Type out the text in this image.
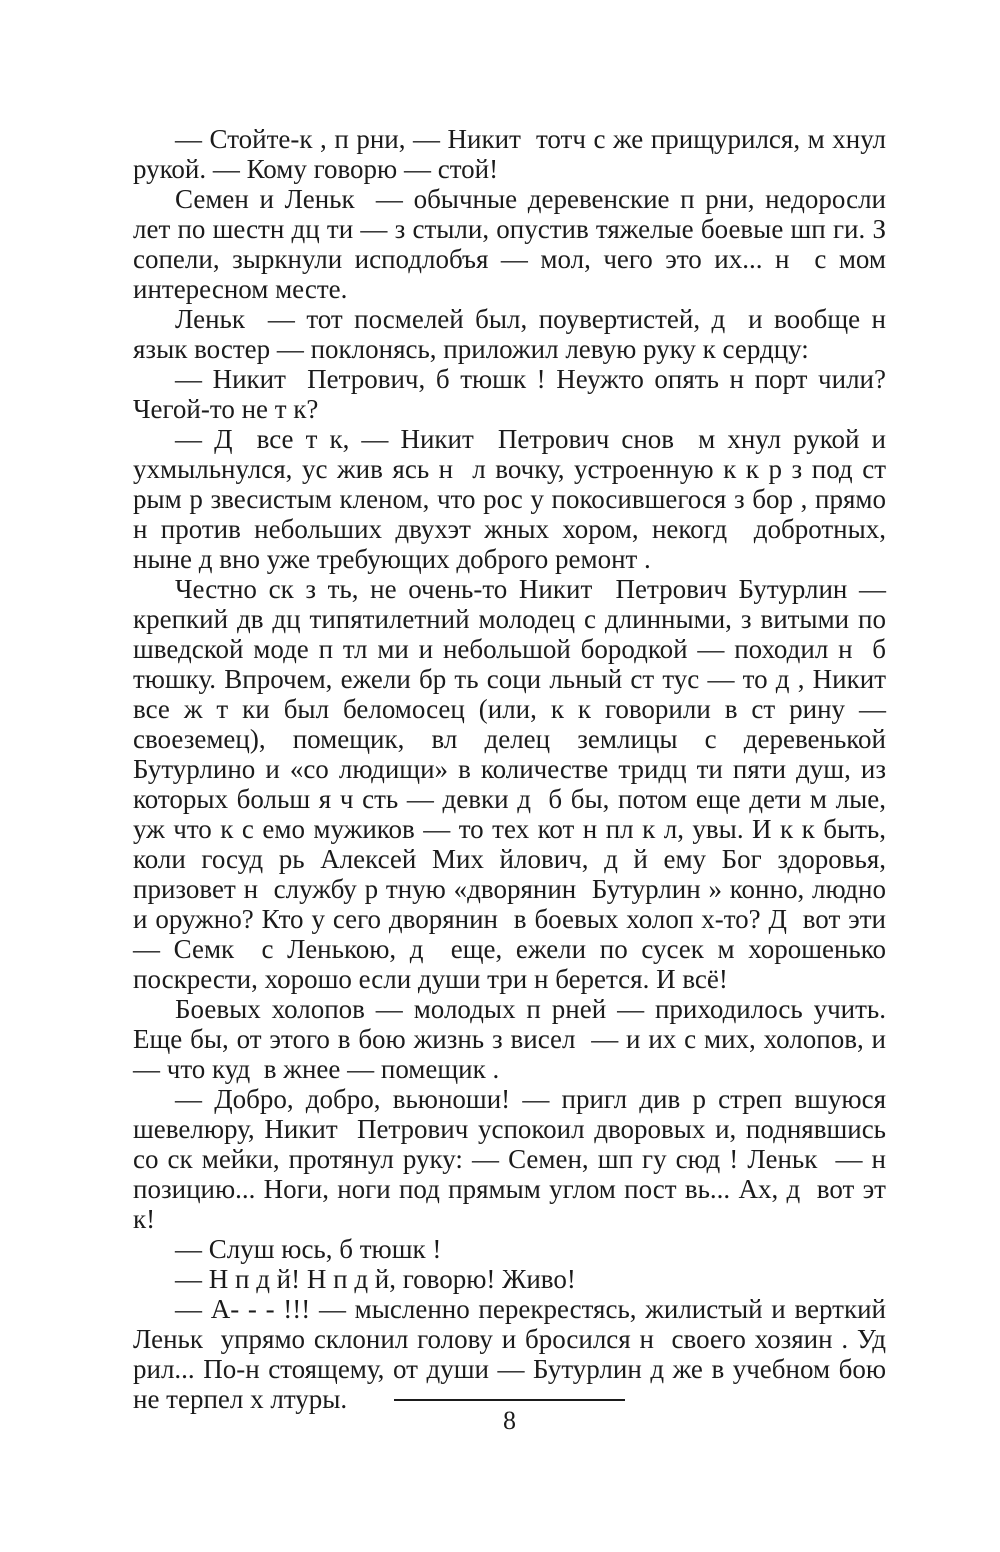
— Стойте-к , п рни, — Никит  тотч с же прищурился, м хнул рукой. — Кому говорю — стой!

Семен и Леньк  — обычные деревенские п рни, недоросли лет по шестн дц ти — з стыли, опустив тяжелые боевые шп ги. З сопели, зыркнули исподлобъя — мол, чего это их... н  с мом интересном месте.

Леньк  — тот посмелей был, поувертистей, д  и вообще н  язык востер — поклонясь, приложил левую руку к сердцу:

— Никит  Петрович, б тюшк ! Неужто опять н порт чили? Чегой-то не т к?

— Д  все т к, — Никит  Петрович снов  м хнул рукой и ухмыльнулся, ус жив ясь н  л вочку, устроенную к к р з под ст рым р звесистым кленом, что рос у покосившегося з бор , прямо н против небольших двухэт жных хором, некогд  добротных, ныне д вно уже требующих доброго ремонт .

Честно ск з ть, не очень-то Никит  Петрович Бутурлин — крепкий дв дц типятилетний молодец с длинными, з витыми по шведской моде п тл ми и небольшой бородкой — походил н  б тюшку. Впрочем, ежели бр ть соци льный ст тус — то д , Никит  все ж т ки был беломосец (или, к к говорили в ст рину — своеземец), помещик, вл делец землицы с деревенькой Бутурлино и «со людищи» в количестве тридц ти пяти душ, из которых больш я ч сть — девки д  б бы, потом еще дети м лые,  уж что к с емо мужиков — то тех кот н пл к л, увы. И к к быть, коли госуд рь Алексей Мих йлович, д й ему Бог здоровья, призовет н  службу р тную «дворянин  Бутурлин » конно, людно и оружно? Кто у сего дворянин  в боевых холоп х-то? Д  вот эти — Семк  с Ленькою, д  еще, ежели по сусек м хорошенько поскрести, хорошо если души три н берется. И всё!

Боевых холопов — молодых п рней — приходилось учить. Еще бы, от этого в бою жизнь з висел  — и их с мих, холопов, и — что куд  в жнее — помещик .

— Добро, добро, вьюноши! — пригл див р стреп вшуюся шевелюру, Никит  Петрович успокоил дворовых и, поднявшись со ск мейки, протянул руку: — Семен, шп гу сюд ! Леньк  — н  позицию... Ноги, ноги под прямым углом пост вь... Ах, д  вот эт к!

— Слуш юсь, б тюшк !

— Н п д й! Н п д й, говорю! Живо!

— А- - - !!! — мысленно перекрестясь, жилистый и верткий Леньк  упрямо склонил голову и бросился н  своего хозяин . Уд рил... По-н стоящему, от души — Бутурлин д же в учебном бою не терпел х лтуры.

8
